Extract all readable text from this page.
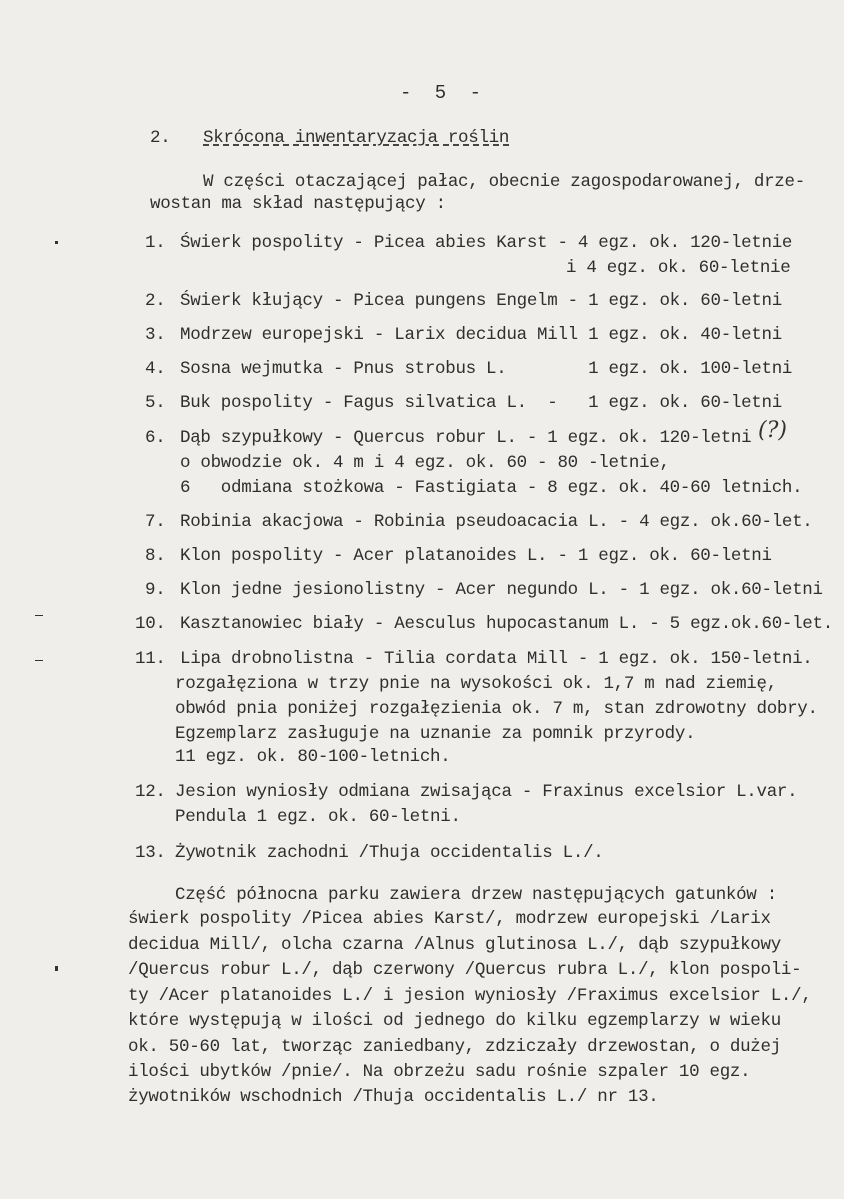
- 5 -
2. Skrócona inwentaryzacja roślin
W części otaczającej pałac, obecnie zagospodarowanej, drze-
wostan ma skład następujący :
1. Świerk pospolity - Picea abies Karst - 4 egz. ok. 120-letnie
i 4 egz. ok. 60-letnie
2. Świerk kłujący - Picea pungens Engelm - 1 egz. ok. 60-letni
3. Modrzew europejski - Larix decidua Mill 1 egz. ok. 40-letni
4. Sosna wejmutka - Pnus strobus L.        1 egz. ok. 100-letni
5. Buk pospolity - Fagus silvatica L.  -   1 egz. ok. 60-letni
6. Dąb szypułkowy - Quercus robur L. - 1 egz. ok. 120-letni (?)
o obwodzie ok. 4 m i 4 egz. ok. 60 - 80 -letnie,
6   odmiana stożkowa - Fastigiata - 8 egz. ok. 40-60 letnich.
7. Robinia akacjowa - Robinia pseudoacacia L. - 4 egz. ok.60-let.
8. Klon pospolity - Acer platanoides L. - 1 egz. ok. 60-letni
9. Klon jedne jesionolistny - Acer negundo L. - 1 egz. ok.60-letni
10. Kasztanowiec biały - Aesculus hupocastanum L. - 5 egz.ok.60-let.
11. Lipa drobnolistna - Tilia cordata Mill - 1 egz. ok. 150-letni.
rozgałęziona w trzy pnie na wysokości ok. 1,7 m nad ziemię,
obwód pnia poniżej rozgałęzienia ok. 7 m, stan zdrowotny dobry.
Egzemplarz zasługuje na uznanie za pomnik przyrody.
11 egz. ok. 80-100-letnich.
12. Jesion wyniosły odmiana zwisająca - Fraxinus excelsior L.var.
Pendula 1 egz. ok. 60-letni.
13. Żywotnik zachodni /Thuja occidentalis L./.
Część północna parku zawiera drzew następujących gatunków :
świerk pospolity /Picea abies Karst/, modrzew europejski /Larix
decidua Mill/, olcha czarna /Alnus glutinosa L./, dąb szypułkowy
/Quercus robur L./, dąb czerwony /Quercus rubra L./, klon pospoli-
ty /Acer platanoides L./ i jesion wyniosły /Fraximus excelsior L./,
które występują w ilości od jednego do kilku egzemplarzy w wieku
ok. 50-60 lat, tworząc zaniedbany, zdziczały drzewostan, o dużej
ilości ubytków /pnie/. Na obrzeżu sadu rośnie szpaler 10 egz.
żywotników wschodnich /Thuja occidentalis L./ nr 13.
